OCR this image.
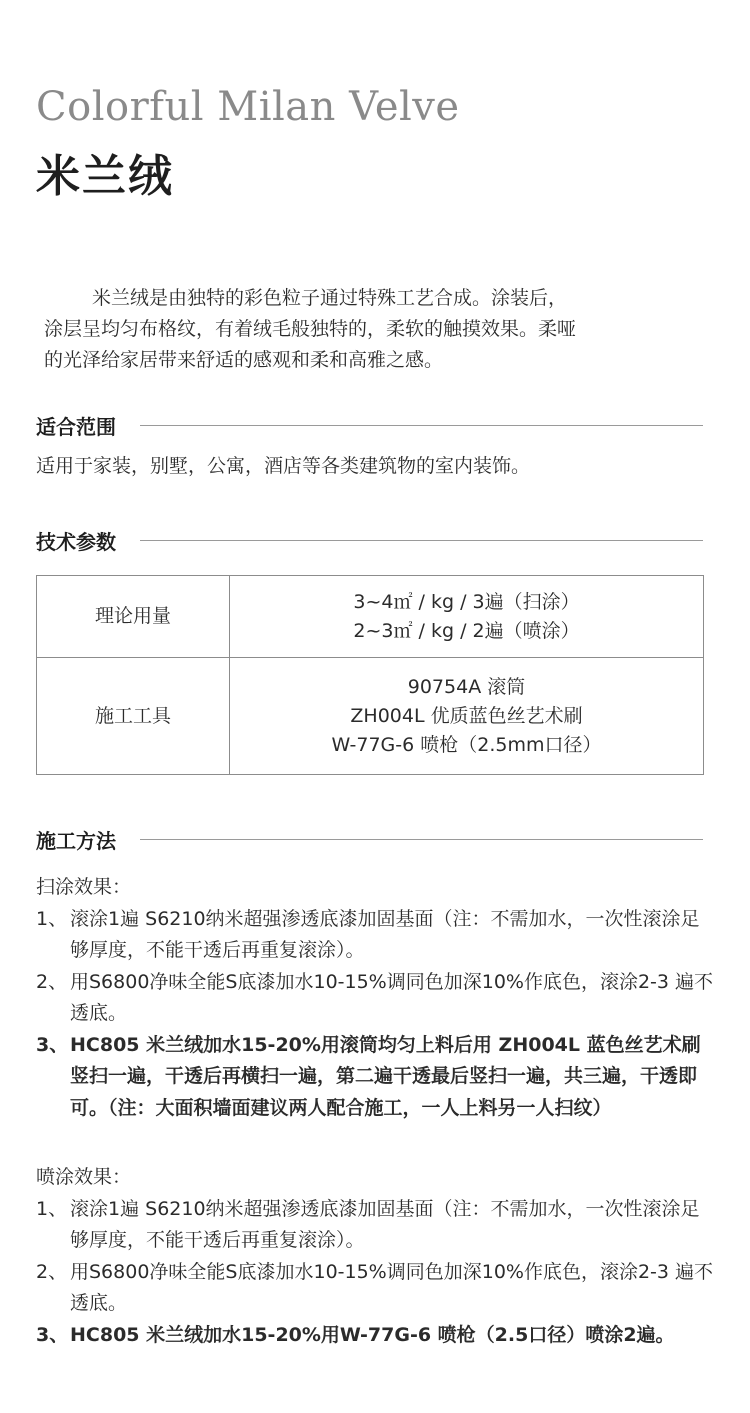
Colorful Milan Velve
米兰绒

米兰绒是由独特的彩色粒子通过特殊工艺合成。涂装后，涂层呈均匀布格纹，有着绒毛般独特的，柔软的触摸效果。柔哑的光泽给家居带来舒适的感观和柔和高雅之感。

适合范围
适用于家装，别墅，公寓，酒店等各类建筑物的室内装饰。
技术参数
理论用量	3~4㎡ / kg / 3遍（扫涂）
2~3㎡ / kg / 2遍（喷涂）

施工工具	90754A 滚筒
ZH004L 优质蓝色丝艺术刷
W-77G-6 喷枪（2.5mm口径）
施工方法

扫涂效果：

1、 滚涂1遍 S6210纳米超强渗透底漆加固基面（注：不需加水，一次性滚涂足够厚度，不能干透后再重复滚涂）。
2、 用S6800净味全能S底漆加水10-15%调同色加深10%作底色，滚涂2-3 遍不透底。
3、 HC805 米兰绒加水15-20%用滚筒均匀上料后用 ZH004L 蓝色丝艺术刷竖扫一遍，干透后再横扫一遍，第二遍干透最后竖扫一遍，共三遍，干透即可。（注：大面积墙面建议两人配合施工，一人上料另一人扫纹）

喷涂效果：

1、 滚涂1遍 S6210纳米超强渗透底漆加固基面（注：不需加水，一次性滚涂足够厚度，不能干透后再重复滚涂）。
2、 用S6800净味全能S底漆加水10-15%调同色加深10%作底色，滚涂2-3 遍不透底。
3、 HC805 米兰绒加水15-20%用W-77G-6 喷枪（2.5口径）喷涂2遍。
